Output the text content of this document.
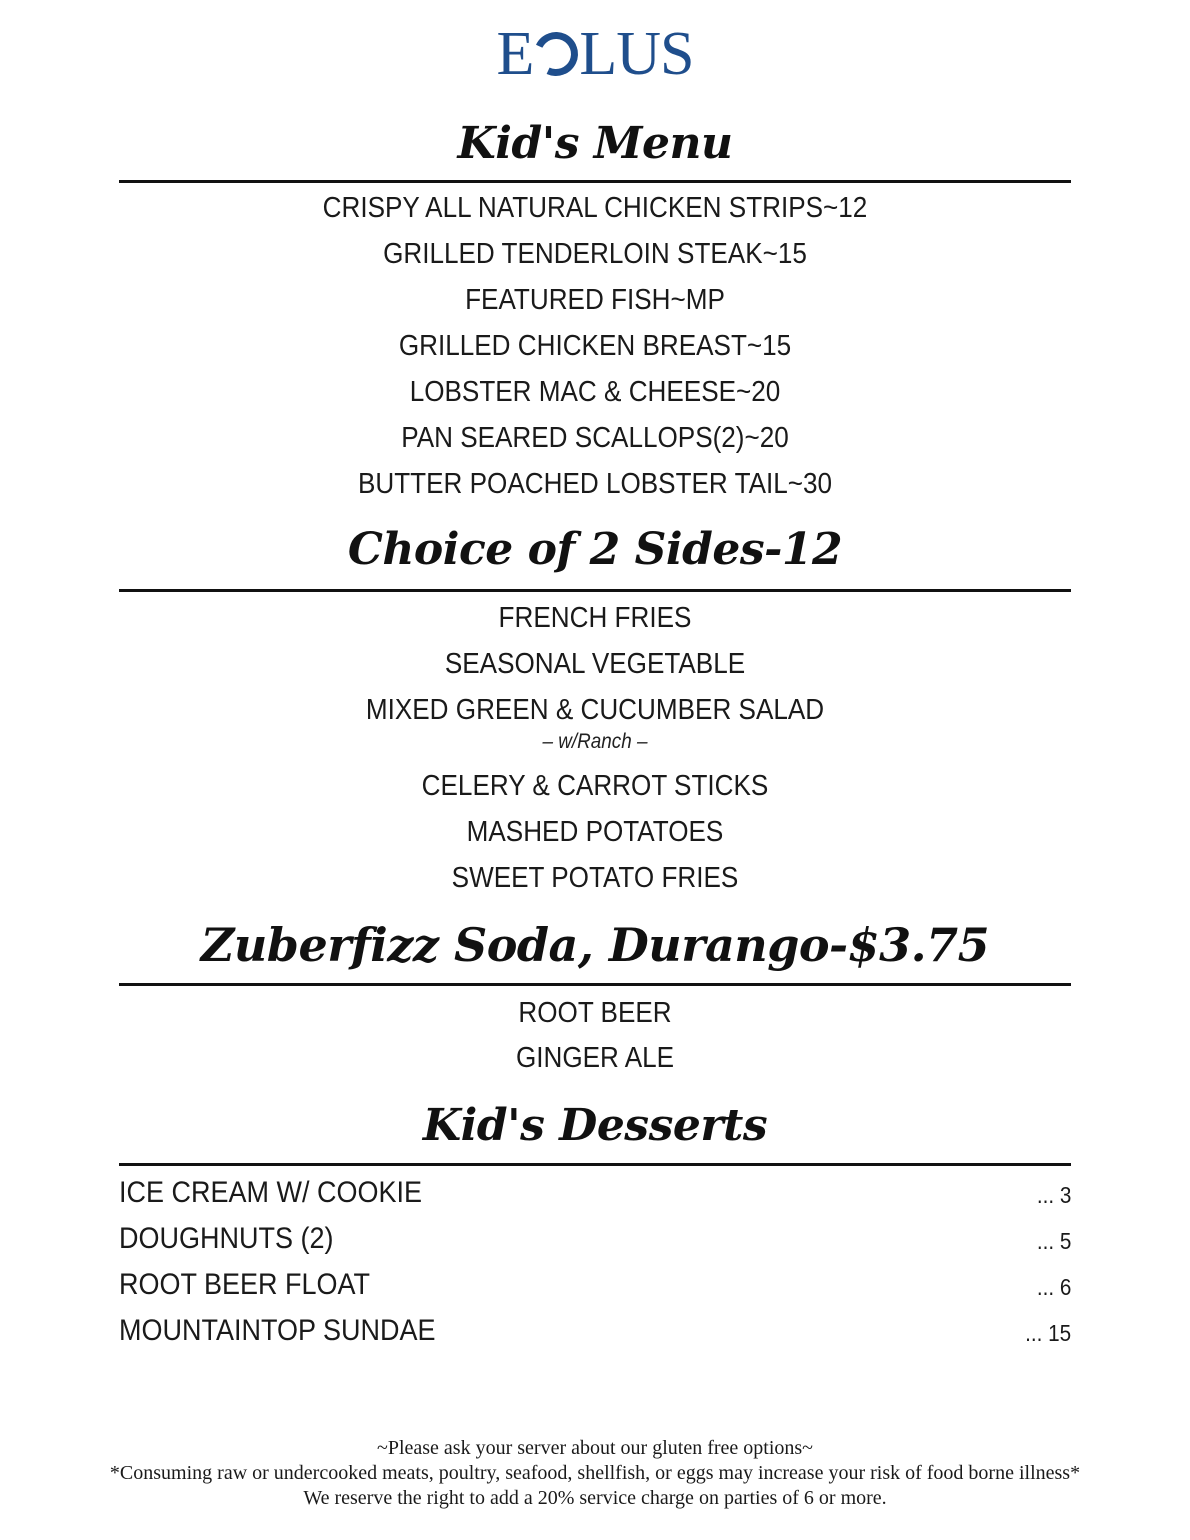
E LUS
Kid's Menu
CRISPY ALL NATURAL CHICKEN STRIPS~12
GRILLED TENDERLOIN STEAK~15
FEATURED FISH~MP
GRILLED CHICKEN BREAST~15
LOBSTER MAC & CHEESE~20
PAN SEARED SCALLOPS(2)~20
BUTTER POACHED LOBSTER TAIL~30
Choice of 2 Sides-12
FRENCH FRIES
SEASONAL VEGETABLE
MIXED GREEN & CUCUMBER SALAD
– w/Ranch –
CELERY & CARROT STICKS
MASHED POTATOES
SWEET POTATO FRIES
Zuberfizz Soda, Durango-$3.75
ROOT BEER
GINGER ALE
Kid's Desserts
ICE CREAM W/ COOKIE	... 3
DOUGHNUTS (2)	... 5
ROOT BEER FLOAT	... 6
MOUNTAINTOP SUNDAE	... 15
~Please ask your server about our gluten free options~
*Consuming raw or undercooked meats, poultry, seafood, shellfish, or eggs may increase your risk of food borne illness*
We reserve the right to add a 20% service charge on parties of 6 or more.
